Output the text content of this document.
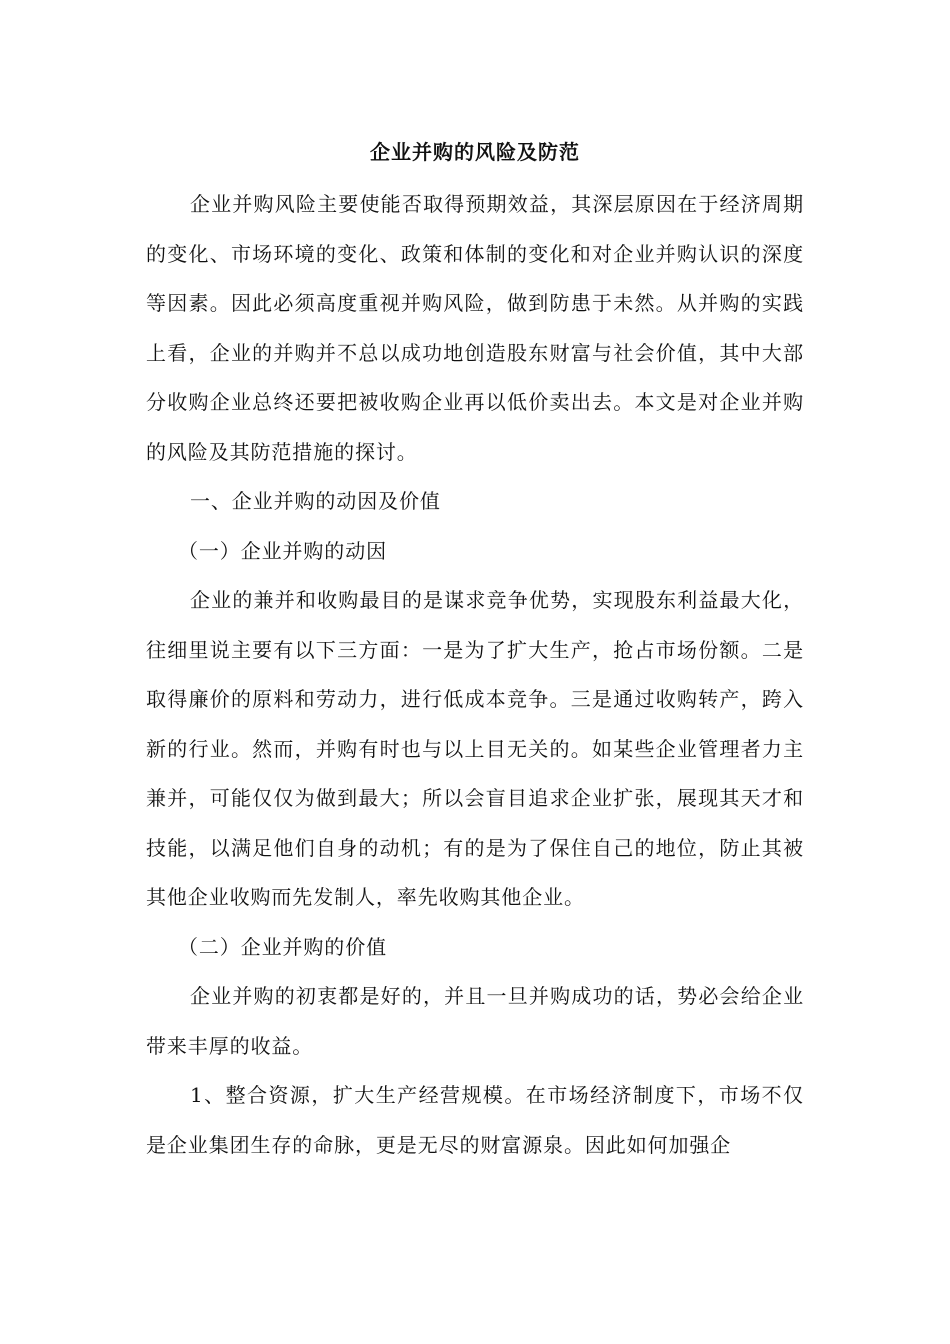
企业并购的风险及防范

企业并购风险主要使能否取得预期效益，其深层原因在于经济周期的变化、市场环境的变化、政策和体制的变化和对企业并购认识的深度等因素。因此必须高度重视并购风险，做到防患于未然。从并购的实践上看，企业的并购并不总以成功地创造股东财富与社会价值，其中大部分收购企业总终还要把被收购企业再以低价卖出去。本文是对企业并购的风险及其防范措施的探讨。

一、企业并购的动因及价值

（一）企业并购的动因

企业的兼并和收购最目的是谋求竞争优势，实现股东利益最大化，往细里说主要有以下三方面：一是为了扩大生产，抢占市场份额。二是取得廉价的原料和劳动力，进行低成本竞争。三是通过收购转产，跨入新的行业。然而，并购有时也与以上目无关的。如某些企业管理者力主兼并，可能仅仅为做到最大；所以会盲目追求企业扩张，展现其天才和技能，以满足他们自身的动机；有的是为了保住自己的地位，防止其被其他企业收购而先发制人，率先收购其他企业。

（二）企业并购的价值

企业并购的初衷都是好的，并且一旦并购成功的话，势必会给企业带来丰厚的收益。

1、整合资源，扩大生产经营规模。在市场经济制度下，市场不仅是企业集团生存的命脉，更是无尽的财富源泉。因此如何加强企
